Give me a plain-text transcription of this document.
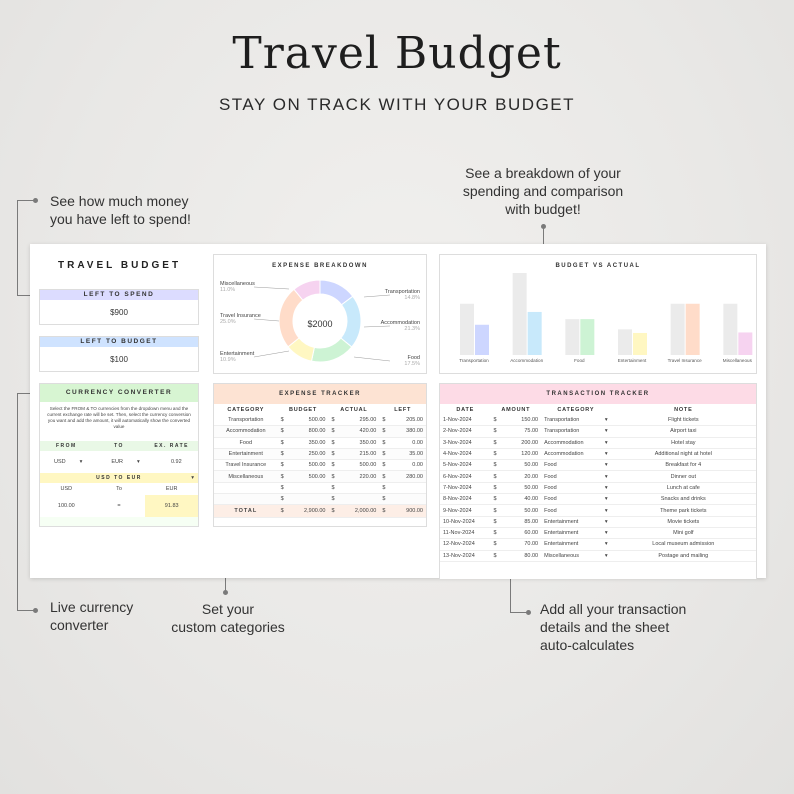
Travel Budget
STAY ON TRACK WITH YOUR BUDGET
See how much money
you have left to spend!
See a breakdown of your
spending and comparison
with budget!
Live currency
converter
Set your
custom categories
Add all your transaction
details and the sheet
auto-calculates
TRAVEL BUDGET
LEFT TO SPEND
$900
LEFT TO BUDGET
$100
CURRENCY CONVERTER
Select the FROM & TO currencies from the dropdown menu and the current exchange rate will be set. Then, select the currency conversion you want and add the amount, it will automatically show the converted value
FROM	TO	EX. RATE
USD	▾	EUR	▾	0.92
USD TO EUR	▾
USD	To	EUR
100.00	=	91.83
EXPENSE BREAKDOWN
Transportation
14.8%
Accommodation
21.3%
Food
17.5%
Entertainment
10.9%
Travel Insurance
25.0%
Miscellaneous
11.0%
$2000
BUDGET VS ACTUAL
Transportation	Accommodation	Food	Entertainment	Travel Insurance	Miscellaneous
EXPENSE TRACKER
CATEGORY	BUDGET	ACTUAL	LEFT
Transportation	$ 500.00	$ 295.00	$ 205.00

Accommodation	$ 800.00	$ 420.00	$ 380.00

Food	$ 350.00	$ 350.00	$ 0.00

Entertainment	$ 250.00	$ 215.00	$ 35.00

Travel Insurance	$ 500.00	$ 500.00	$ 0.00

Miscellaneous	$ 500.00	$ 220.00	$ 280.00

	$	$	$

	$	$	$

TOTAL	$ 2,900.00	$ 2,000.00	$ 900.00
TRANSACTION TRACKER
DATE	AMOUNT	CATEGORY	NOTE
1-Nov-2024	$ 150.00	Transportation ▾	Flight tickets
2-Nov-2024	$ 75.00	Transportation ▾	Airport taxi
3-Nov-2024	$ 200.00	Accommodation ▾	Hotel stay
4-Nov-2024	$ 120.00	Accommodation ▾	Additional night at hotel
5-Nov-2024	$ 50.00	Food ▾	Breakfast for 4
6-Nov-2024	$ 20.00	Food ▾	Dinner out
7-Nov-2024	$ 50.00	Food ▾	Lunch at cafe
8-Nov-2024	$ 40.00	Food ▾	Snacks and drinks
9-Nov-2024	$ 50.00	Food ▾	Theme park tickets
10-Nov-2024	$ 85.00	Entertainment ▾	Movie tickets
11-Nov-2024	$ 60.00	Entertainment ▾	Mini golf
12-Nov-2024	$ 70.00	Entertainment ▾	Local museum admission
13-Nov-2024	$ 80.00	Miscellaneous ▾	Postage and mailing
